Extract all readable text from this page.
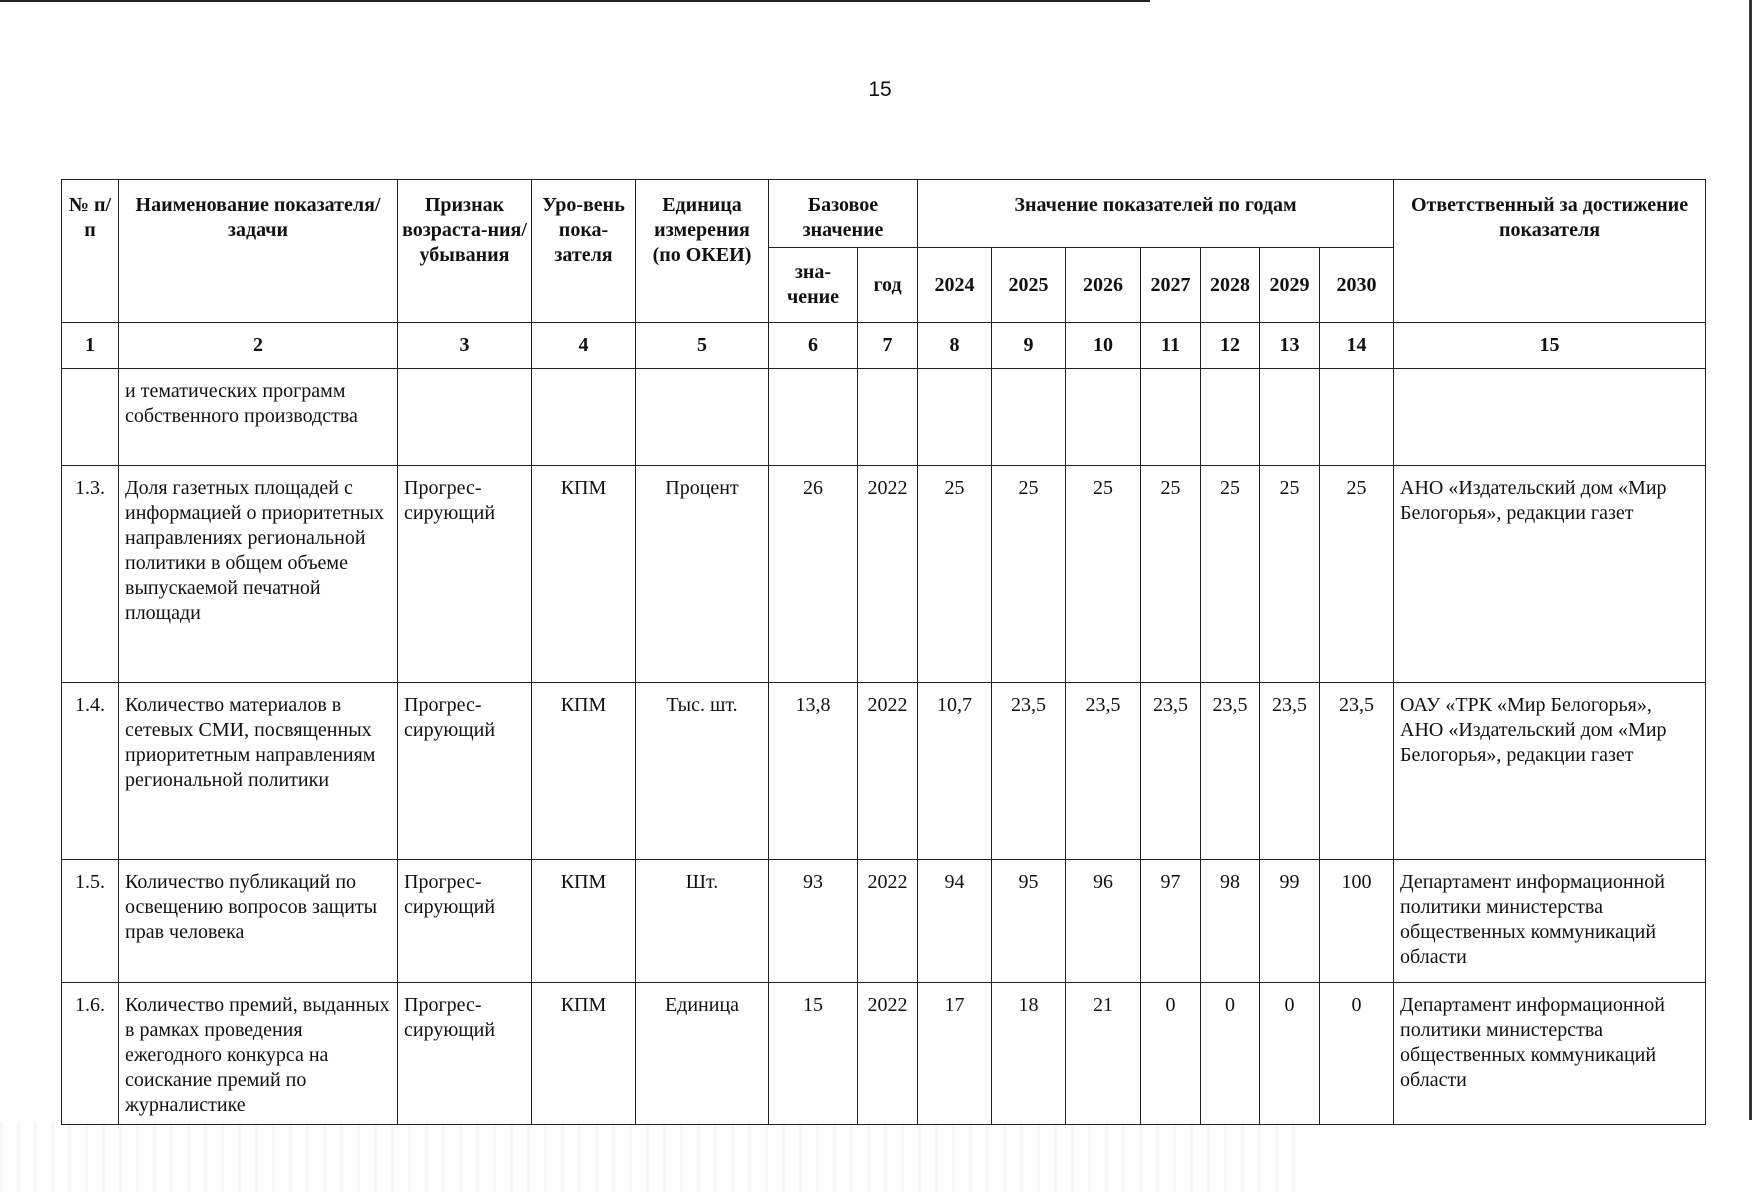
15
№ п/п	Наименование показателя/задачи	Признак возраста-ния/ убывания	Уро-вень пока-зателя	Единица измерения (по ОКЕИ)	Базовое значение		Значение показателей по годам							Ответственный за достижение показателя
					зна-чение	год	2024	2025	2026	2027	2028	2029	2030	
1	2	3	4	5	6	7	8	9	10	11	12	13	14	15
	и тематических программ собственного производства													
1.3.	Доля газетных площадей с информацией о приоритетных направлениях региональной политики в общем объеме выпускаемой печатной площади	Прогрес-сирующий	КПМ	Процент	26	2022	25	25	25	25	25	25	25	АНО «Издательский дом «Мир Белогорья», редакции газет
1.4.	Количество материалов в сетевых СМИ, посвященных приоритетным направлениям региональной политики	Прогрес-сирующий	КПМ	Тыс. шт.	13,8	2022	10,7	23,5	23,5	23,5	23,5	23,5	23,5	ОАУ «ТРК «Мир Белогорья», АНО «Издательский дом «Мир Белогорья», редакции газет
1.5.	Количество публикаций по освещению вопросов защиты прав человека	Прогрес-сирующий	КПМ	Шт.	93	2022	94	95	96	97	98	99	100	Департамент информационной политики министерства общественных коммуникаций области
1.6.	Количество премий, выданных в рамках проведения ежегодного конкурса на соискание премий по журналистике	Прогрес-сирующий	КПМ	Единица	15	2022	17	18	21	0	0	0	0	Департамент информационной политики министерства общественных коммуникаций области
